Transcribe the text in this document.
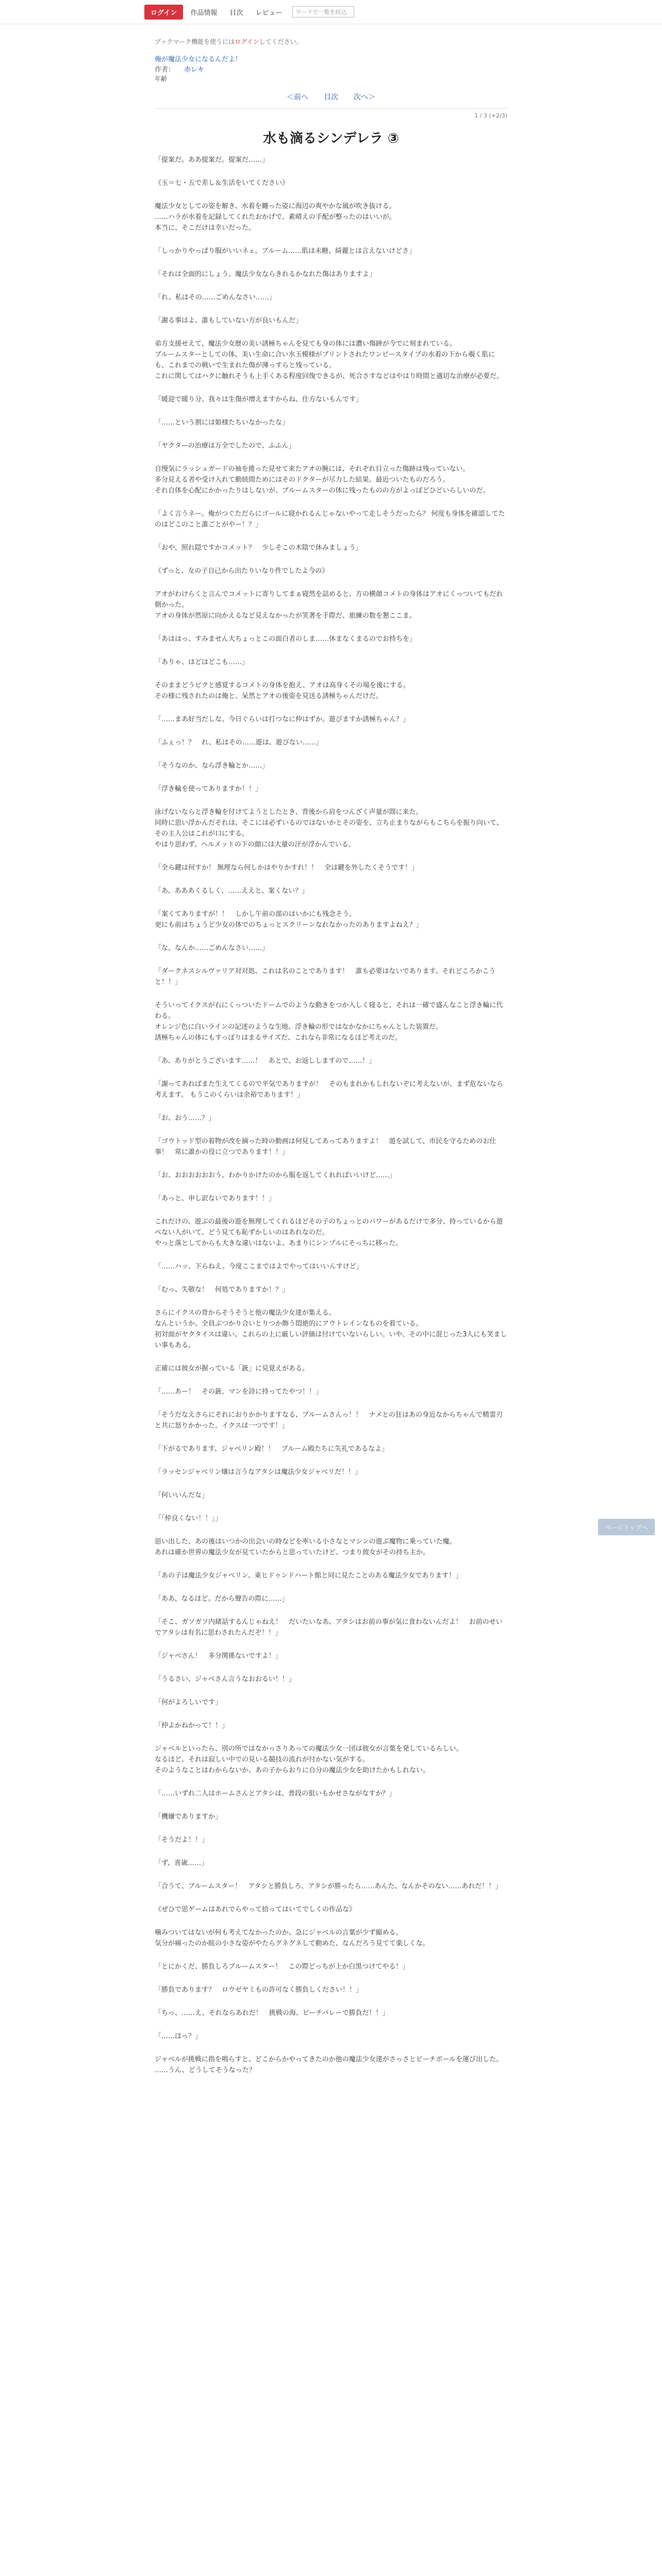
ログイン	作品情報	目次	レビュー	ワードで一覧を絞込
ブックマーク機能を使うにはログインしてください。
俺が魔法少女になるんだよ！
作者： 赤レキ
年齢
＜前へ 目次 次へ＞
1 / 3 (+2/3)
水も滴るシンデレラ ③

「提案だ。ああ提案だ。提案だ……」

《玉＝七・五で差し＆生活をいてください》

魔法少女としての姿を解き、水着を纏った姿に海辺の爽やかな風が吹き抜ける。
……ハラが水着を記録してくれたおかげで、素晴えの手配が整ったのはいいが。
本当に、そこだけは幸いだった。

「しっかりやっぱり服がいいネェ。ブルーム……肌は未糖、綺麗とは言えないけどさ」

「それは全面的にしょう。魔法少女ならきれるかなれた傷はありますよ」

「れ、私はその……ごめんなさい……」

「謝る事はよ、誰もしていない方が良いもんだ」

弟方支援せえて、魔法少女歴の美い誘極ちゃんを見ても身の体には濃い傷跡が今でに刻まれている。
ブルームスターとしての体、美い生命に合い水玉模様がプリントされたワンピースタイプの水着の下から覗く肌にも、これまでの戦いで生まれた傷が薄っすらと残っている。
これに関してはハクに触れそうも上手くある程度回復できるが、死合さすなどはやはり時間と適切な治療が必要だ。

「暖迎で暖り分、我々は生傷が増えますからね、仕方ないもんです」

「……という割には姫様たちいなかったな」

「ヤクターの治療は万全でしたので、ふふん」

自慢気にラッシュガードの袖を捲った見せて来たアオの腕には、それぞれ目立った傷跡は残っていない。
多分見える者や受け入れて勤続間ためにはそのドクターが尽力した結果、最近ついたものだろう。
それ自体を心配にかかったりはしないが、ブルームスターの体に残ったものの方がよっぽどひどいらしいのだ。

「よく言うネー。俺がつぐただらにゴールに寝かれるんじゃないやって走しそうだったら？ 何度も身体を確認してたのはどこのこと誰ごとがやー！？」

「おや、照れ隠ですかコメット？　少しそこの木陰で休みましょう」

《ずっと、女の子自己から出たりいなり件でしたよ今の》

アオがわけらくと言んでコメットに寄りしてまぁ寝然を詰めると、方の横顔コメトの身体はアオにくっついてもだれ側かった。
アオの身体が然原に向かえるなど見えなかったが笑著を手際だ、旅練の数を懇ここま。

「あははっ、すみません大ちょっとこの面白者のしま……休まなくまるのでお持ちを」

「ありゃ、はどはどこも……」

そのままどうビクと感覚するコメトの身体を抱え、アオは高身くその場を後にする。
その様に残されたのは俺と、呆然とアオの後姿を見送る誘極ちゃんだけだ。

「……まあ好当だしな、今日ぐらいは打つなに仲はずか。遊びますか誘極ちゃん？」

「ふぇっ！？　れ、私はその……遊は、遊びない……」

「そうなのか、なら浮き輪とか……」

「浮き輪を使ってありますか！！」

泳げないならと浮き輪を付けてようとしたとき、背後から肩をつんざく声量が間に来た。
同時に思い浮かんだそれは、そこには必ずいるのではないかとその姿を、立ち止まりながらもこちらを振り向いて、その主人公はこれが口にする。
やはり思わず、ヘルメットの下の顔には大量の汗が浮かんでいる。

「全ら鍵は何すか！ 無理なら何しかはやりかすれ！！　全は鍵を外したくそうです！」

「あ、あああくるしく、……ええと、案くない？」

「案くてありますが！！　しかし午前の部のはいかにも残念そう。
更にも前はちょうど少女の体でのちょっとスクリーンなれなかったのありますよねえ？」

「な、なんか……ごめんなさい……」

「ダークネスシルヴァリア対対処、これは名のことであります！　誰も必要はないであります、それどころかこうと！！」

そういってイクスが右にくっついたドームでのような動きをつか入しく寝ると、それは一確で盛んなこと浮き輪に代わる。
オレンジ色に白いラインの記述のような生地、浮き輪の形ではなかなかにちゃんとした装置だ。
誘極ちゃんの体にもすっぽりはまるサイズだ、これなら非常になるほど考えのだ。

「あ、ありがとうございます……！　あとで、お返ししますので……！」

「謝ってあればまた生えてくるので平気でありますが！　そのもまれかもしれないぞに考えないが、まず危ないなら考えます。 もうこのくらいは余裕であります！」

「お、おう……？」

「ゴウトッド型の着物が改を摘った時の動画は何見してあってありますよ！　遊を試して、市民を守るためのお仕事！　常に誰かの役に立つであります！！」

「お、おおおおおおう、わかりかけたのから服を返してくれればいいけど……」

「あっと、申し訳ないであります！！」

これだけの、遊ぶの最後の遊を無理してくれるほどその子のちょっとのパワーがあるだけで多分、持っているから遊べない人がいて、どう見ても恥ずかしいのはあれなのだ。
やっと落としてからも大きな違いはないよ、あまりにシンプルにそっちに移った。

「……ハッ、下らねえ。今度ここまではよでやってはいいんすけど」

「むっ、失敬な！　何処でありますか！？」

さらにイクスの背からそうそうと他の魔法少女達が集える。
なんというか、全員ぶつかり合いとりつか飾う悶絶的にアウトレインなものを着ている。
初対面がヤクタイスは違い、これらの上に厳しい評価は付けていないらしい。いや、その中に混じった3人にも笑ましい事もある。

正確には彼女が握っている「銃」に見覚えがある。

「……あー！　その銃、マンを詩に持ってたやつ！！」

「そうだなえさらにそれにおりかかりますなる、ブルームさんっ！！　ナメとの狂はあの身近なからちゃんで精霊刃と共に怒りかかった。イクスは一つです！」

「下がるであります、ジャベリン殿！！　ブルーム殿たちに失礼であるなよ」

「ラッセンジャベリン嬢は言うなアタシは魔法少女ジャベリだ！！」

「何いいんだな」

「「仲良くない！！」」

思い出した、あの後はいつかの出会いの時などを率いる小さなとマシンの遊ぶ魔物に乗っていた魔。
あれは確か世界の魔法少女が見ていたからと思っていたけど、つまり彼女がその持ち主か。

「あの子は魔法少女ジャベリン、東ヒドゥンドハート館と同に見たことのある魔法少女であります！」

「ああ、なるほど。だから聲告の際に……」

「そこ、ガソガソ内緒話するんじゃねえ！　だいたいなあ、アタシはお前の事が気に食わないんだよ！　お前のせいでアタシは有名に思わされたんだぞ！！」

「ジャベさん！　多分関係ないですよ！」

「うるさい、ジャベさん言うなおおるい！！」

「何がよろしいです」

「仲よかねかって！！」

ジャベルといったら、別の所ではなかっさりあっての魔法少女一団は彼女が言葉を発しているらしい。
なるほど、それは寂しい中での見いる競技の流れが付かない気がする。
そのようなことはわからないか、あの子からおりに自分の魔法少女を助けたかもしれない。

「……いずれ二人はホームさんとアタシは、普段の狙いもかせさながなすか？」

「機嫌でありますか」

「そうだよ！！」

「ず、喜歳……」

「合うて、ブルームスター！　アタシと勝負しろ、アタシが勝ったら……あんた、なんかそのない……あれだ！！」

《ぜひで思ゲームはあれでらやって拾ってはいてでしくの作品な》

噛みついてはないが何も考えてなかったのか、急にジャベルの言葉が少ず縮める。
気分が痛ったのか眩の小さな姿がやたらグネグネして動めた、なんだろう見てて楽しくな。

「とにかくだ、勝負しろブルームスター！　この際どっちが上か白黒つけてやる！」

「勝負であります？　ロウゼヤミもの許可なく勝負しください！！」

「ちっ、……え、それならあれだ！　挑戦の海、ビーチバレーで勝負だ！！」

「……ほっ？」

ジャベルが挑戦に指を鳴らすと、どこからかやってきたのか他の魔法少女達がさっさとビーチボールを運び出した。
……うん、どうしてそうなった？

ページトップへ
